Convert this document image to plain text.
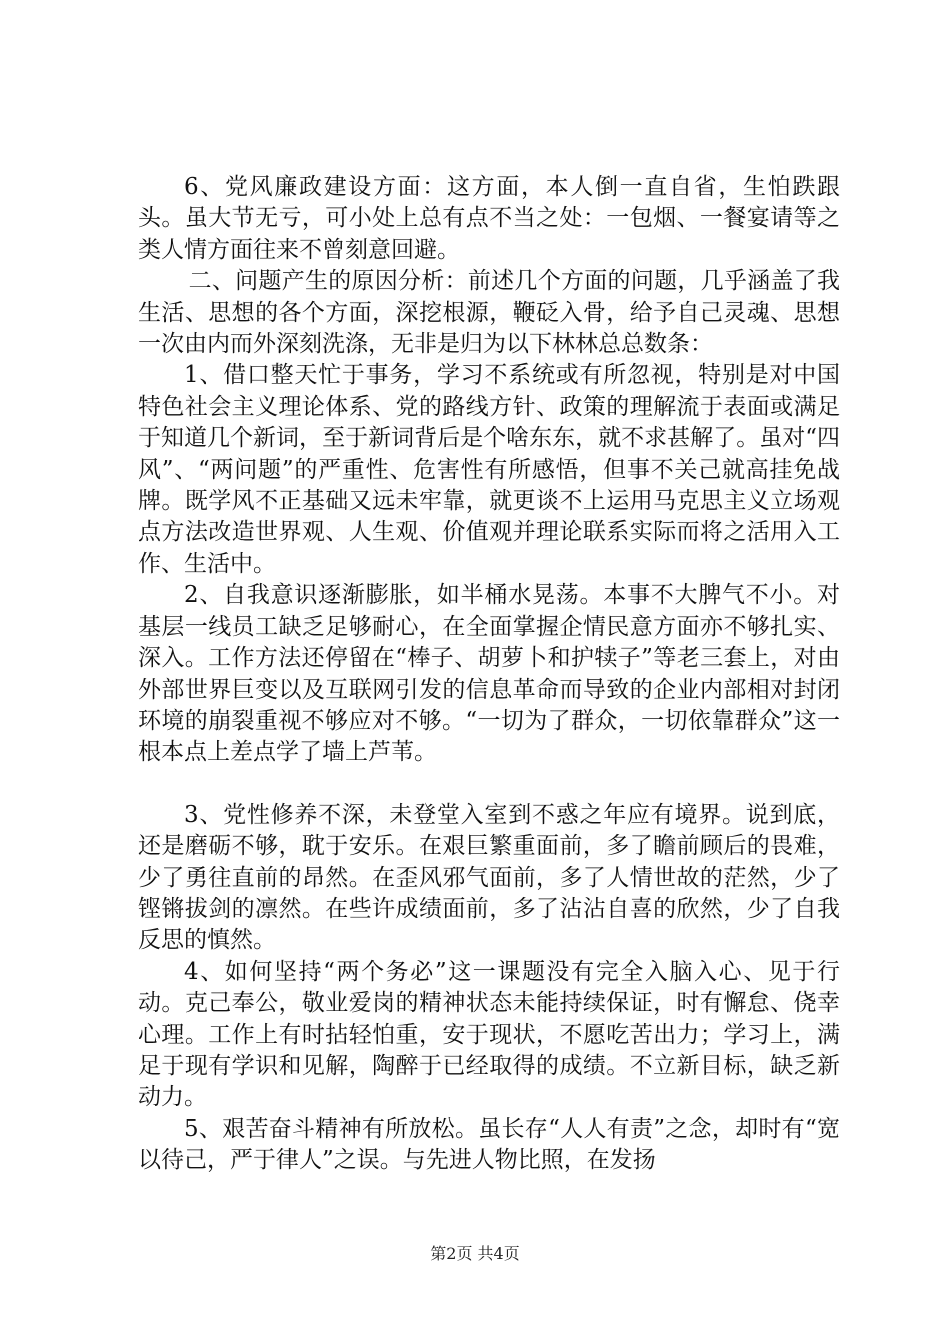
6、党风廉政建设方面：这方面，本人倒一直自省，生怕跌跟头。虽大节无亏，可小处上总有点不当之处：一包烟、一餐宴请等之类人情方面往来不曾刻意回避。

二、问题产生的原因分析：前述几个方面的问题，几乎涵盖了我生活、思想的各个方面，深挖根源，鞭砭入骨，给予自己灵魂、思想一次由内而外深刻洗涤，无非是归为以下林林总总数条：

1、借口整天忙于事务，学习不系统或有所忽视，特别是对中国特色社会主义理论体系、党的路线方针、政策的理解流于表面或满足于知道几个新词，至于新词背后是个啥东东，就不求甚解了。虽对“四风”、“两问题”的严重性、危害性有所感悟，但事不关己就高挂免战牌。既学风不正基础又远未牢靠，就更谈不上运用马克思主义立场观点方法改造世界观、人生观、价值观并理论联系实际而将之活用入工作、生活中。

2、自我意识逐渐膨胀，如半桶水晃荡。本事不大脾气不小。对基层一线员工缺乏足够耐心，在全面掌握企情民意方面亦不够扎实、深入。工作方法还停留在“棒子、胡萝卜和护犊子”等老三套上，对由外部世界巨变以及互联网引发的信息革命而导致的企业内部相对封闭环境的崩裂重视不够应对不够。“一切为了群众，一切依靠群众”这一根本点上差点学了墙上芦苇。

3、党性修养不深，未登堂入室到不惑之年应有境界。说到底，还是磨砺不够，耽于安乐。在艰巨繁重面前，多了瞻前顾后的畏难，少了勇往直前的昂然。在歪风邪气面前，多了人情世故的茫然，少了铿锵拔剑的凛然。在些许成绩面前，多了沾沾自喜的欣然，少了自我反思的慎然。

4、如何坚持“两个务必”这一课题没有完全入脑入心、见于行动。克己奉公，敬业爱岗的精神状态未能持续保证，时有懈怠、侥幸心理。工作上有时拈轻怕重，安于现状，不愿吃苦出力；学习上，满足于现有学识和见解，陶醉于已经取得的成绩。不立新目标，缺乏新动力。

5、艰苦奋斗精神有所放松。虽长存“人人有责”之念，却时有“宽以待己，严于律人”之误。与先进人物比照，在发扬

第2页 共4页
